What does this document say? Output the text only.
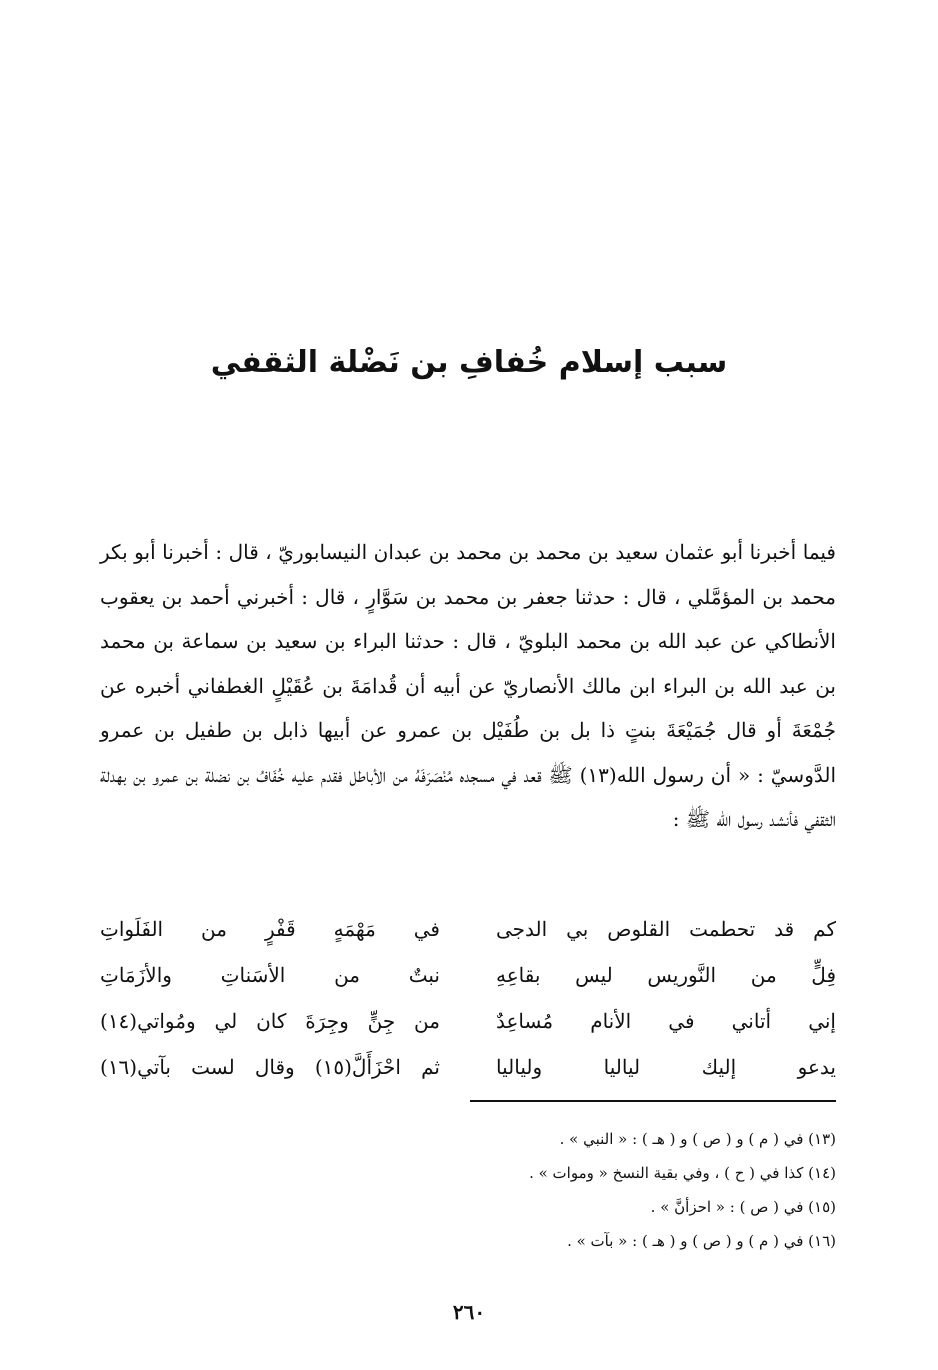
سبب إسلام خُفافِ بن نَضْلة الثقفي

فيما أخبرنا أبو عثمان سعيد بن محمد بن محمد بن عبدان النيسابوريّ ، قال : أخبرنا أبو بكر محمد بن المؤمَّلي ، قال : حدثنا جعفر بن محمد بن سَوَّارٍ ، قال : أخبرني أحمد بن يعقوب الأنطاكي عن عبد الله بن محمد البلويّ ، قال : حدثنا البراء بن سعيد بن سماعة بن محمد بن عبد الله بن البراء ابن مالك الأنصاريّ عن أبيه أن قُدامَةَ بن عُقَيْلٍ الغطفاني أخبره عن جُمْعَةَ أو قال جُمَيْعَةَ بنتٍ ذا بل بن طُفَيْل بن عمرو عن أبيها ذابل بن طفيل بن عمرو الدَّوسيّ : « أن رسول الله(١٣) ﷺ قعد في مسجده مُنْصَرَفَهُ من الأباطل فقدم عليه خُفَافُ بن نضلة بن عمرو بن بهدلة الثقفي فأنشد رسول الله ﷺ :

كم قد تحطمت القلوص بي الدجى
في مَهْمَهٍ قَفْرٍ من الفَلَواتِ
فِلٍّ من النَّوريس ليس بقاعِهِ
نبتٌ من الأسَناتِ والأزَمَاتِ
إني أتاني في الأنام مُساعِدٌ
من جِنٍّ وجِرَةَ كان لي ومُواتي(١٤)
يدعو إليك لياليا ولياليا
ثم احْزَأَلَّ(١٥) وقال لست بآتي(١٦)
(١٣) في ( م ) و ( ص ) و ( هـ ) : « النبي » .
(١٤) كذا في ( ح ) ، وفي بقية النسخ « وموات » .
(١٥) في ( ص ) : « احزأنَّ » .
(١٦) في ( م ) و ( ص ) و ( هـ ) : « بآت » .
٢٦٠
